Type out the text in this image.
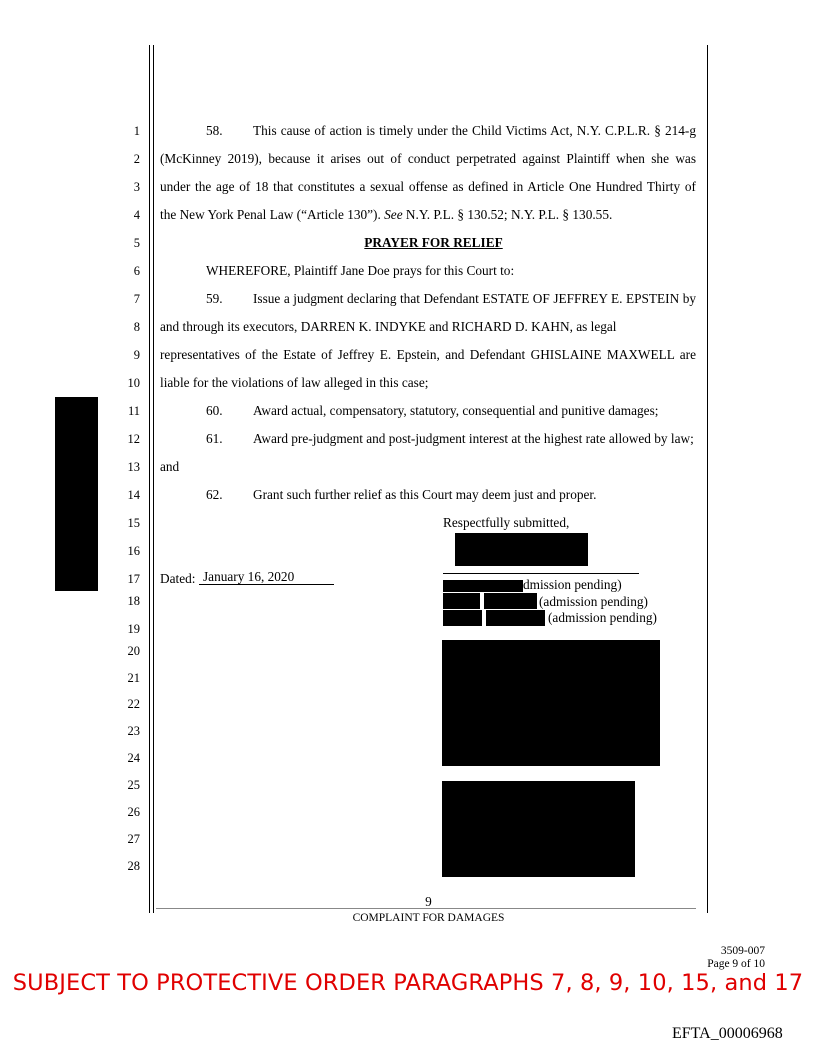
1
2
3
4
5
6
7
8
9
10
11
12
13
14
15
16
17
18
19
20
21
22
23
24
25
26
27
28
58. This cause of action is timely under the Child Victims Act, N.Y. C.P.L.R. § 214-g
(McKinney 2019), because it arises out of conduct perpetrated against Plaintiff when she was
under the age of 18 that constitutes a sexual offense as defined in Article One Hundred Thirty of
the New York Penal Law (“Article 130”). See N.Y. P.L. § 130.52; N.Y. P.L. § 130.55.
PRAYER FOR RELIEF
WHEREFORE, Plaintiff Jane Doe prays for this Court to:
59. Issue a judgment declaring that Defendant ESTATE OF JEFFREY E. EPSTEIN by
and through its executors, DARREN K. INDYKE and RICHARD D. KAHN, as legal
representatives of the Estate of Jeffrey E. Epstein, and Defendant GHISLAINE MAXWELL are
liable for the violations of law alleged in this case;
60. Award actual, compensatory, statutory, consequential and punitive damages;
61. Award pre-judgment and post-judgment interest at the highest rate allowed by law;
and
62. Grant such further relief as this Court may deem just and proper.
Respectfully submitted,
Dated: January 16, 2020
dmission pending)
(admission pending)
(admission pending)
9
COMPLAINT FOR DAMAGES
3509-007
Page 9 of 10
SUBJECT TO PROTECTIVE ORDER PARAGRAPHS 7, 8, 9, 10, 15, and 17
EFTA_00006968
